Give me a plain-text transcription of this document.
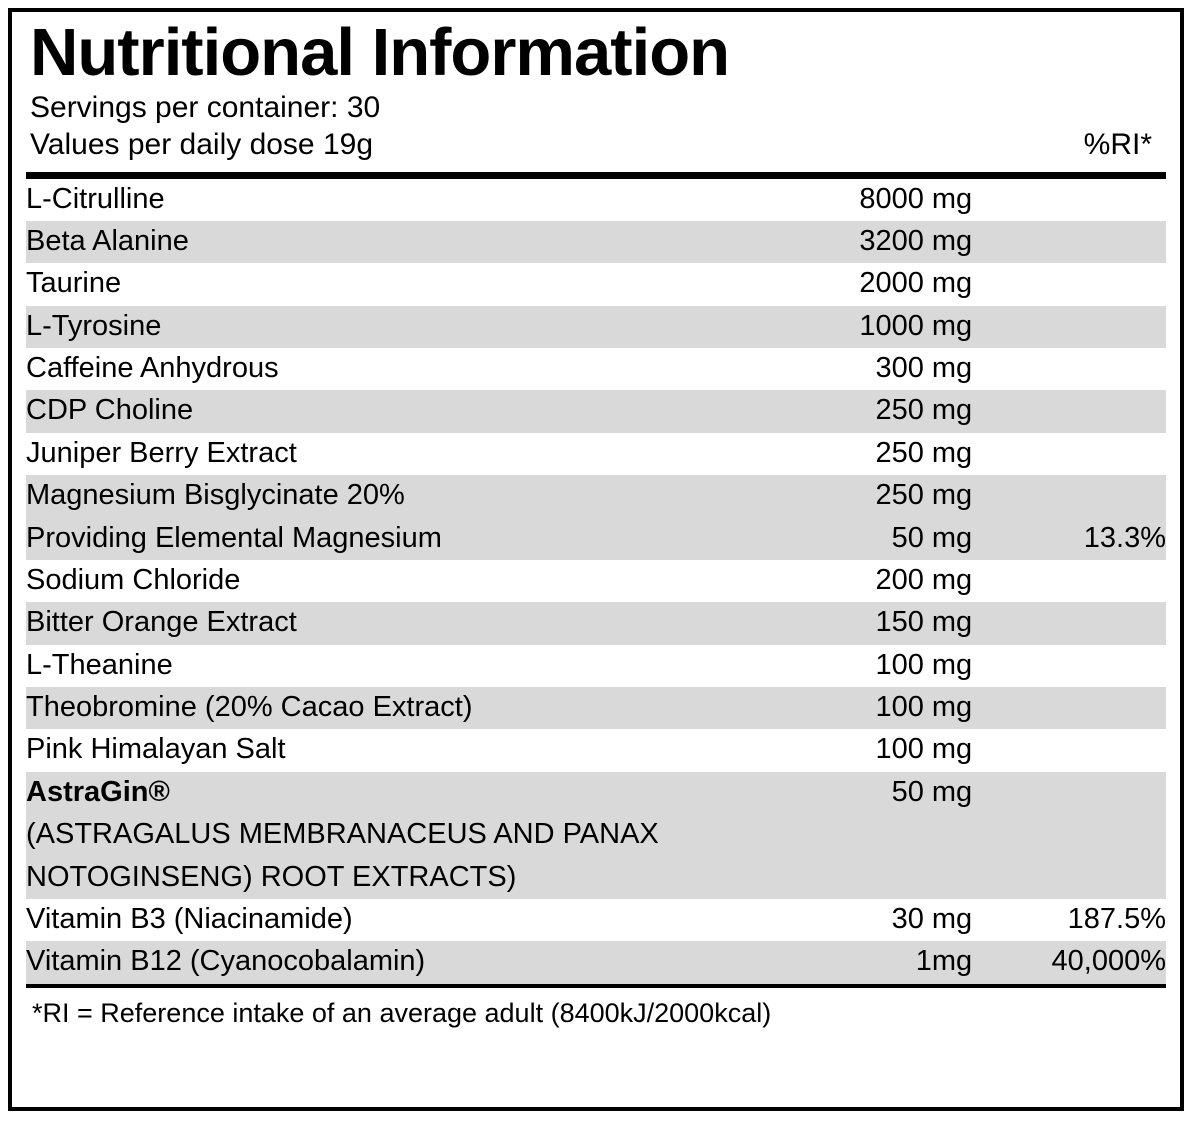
Nutritional Information
Servings per container: 30
Values per daily dose 19g	%RI*
L-Citrulline	8000 mg	
Beta Alanine	3200 mg	
Taurine	2000 mg	
L-Tyrosine	1000 mg	
Caffeine Anhydrous	300 mg	
CDP Choline	250 mg	
Juniper Berry Extract	250 mg	
Magnesium Bisglycinate 20%	250 mg	
Providing Elemental Magnesium	50 mg	13.3%
Sodium Chloride	200 mg	
Bitter Orange Extract	150 mg	
L-Theanine	100 mg	
Theobromine (20% Cacao Extract)	100 mg	
Pink Himalayan Salt	100 mg	
AstraGin®	50 mg	
(ASTRAGALUS MEMBRANACEUS AND PANAX		
NOTOGINSENG) ROOT EXTRACTS)		
Vitamin B3 (Niacinamide)	30 mg	187.5%
Vitamin B12 (Cyanocobalamin)	1mg	40,000%
*RI = Reference intake of an average adult (8400kJ/2000kcal)
